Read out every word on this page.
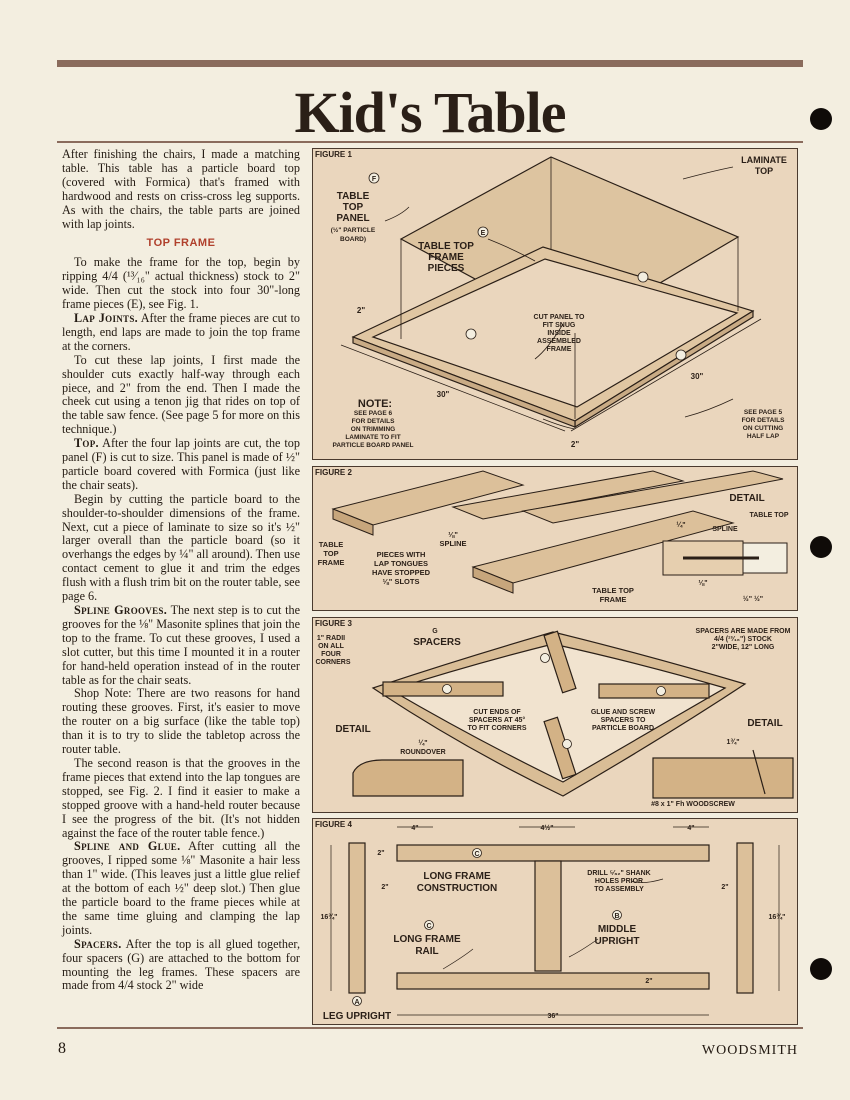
Kid's Table

After finishing the chairs, I made a matching table. This table has a particle board top (covered with Formica) that's framed with hardwood and rests on criss-cross leg supports. As with the chairs, the table parts are joined with lap joints.

TOP FRAME

To make the frame for the top, begin by ripping 4/4 (¹³⁄₁₆" actual thickness) stock to 2" wide. Then cut the stock into four 30"-long frame pieces (E), see Fig. 1.

Lap Joints. After the frame pieces are cut to length, end laps are made to join the top frame at the corners.

To cut these lap joints, I first made the shoulder cuts exactly half-way through each piece, and 2" from the end. Then I made the cheek cut using a tenon jig that rides on top of the table saw fence. (See page 5 for more on this technique.)

Top. After the four lap joints are cut, the top panel (F) is cut to size. This panel is made of ½" particle board covered with Formica (just like the chair seats).

Begin by cutting the particle board to the shoulder-to-shoulder dimensions of the frame. Next, cut a piece of laminate to size so it's ½" larger overall than the particle board (so it overhangs the edges by ¼" all around). Then use contact cement to glue it and trim the edges flush with a flush trim bit on the router table, see page 6.

Spline Grooves. The next step is to cut the grooves for the ⅛" Masonite splines that join the top to the frame. To cut these grooves, I used a slot cutter, but this time I mounted it in a router for hand-held operation instead of in the router table as for the chair seats.

Shop Note: There are two reasons for hand routing these grooves. First, it's easier to move the router on a big surface (like the table top) than it is to try to slide the tabletop across the router table.

The second reason is that the grooves in the frame pieces that extend into the lap tongues are stopped, see Fig. 2. I find it easier to make a stopped groove with a hand-held router because I see the progress of the bit. (It's not hidden against the face of the router table fence.)

Spline and Glue. After cutting all the grooves, I ripped some ⅛" Masonite a hair less than 1" wide. (This leaves just a little glue relief at the bottom of each ½" deep slot.) Then glue the particle board to the frame pieces while at the same time gluing and clamping the lap joints.

Spacers. After the top is all glued together, four spacers (G) are attached to the bottom for mounting the leg frames. These spacers are made from 4/4 stock 2" wide

FIGURE 1
LAMINATE
TOP
F
TABLE
TOP
PANEL
(½" PARTICLE
BOARD)
E
TABLE TOP
FRAME
PIECES
CUT PANEL TO
FIT SNUG
INSIDE
ASSEMBLED
FRAME
NOTE:
SEE PAGE 6
FOR DETAILS
ON TRIMMING
LAMINATE TO FIT
PARTICLE BOARD PANEL
SEE PAGE 5
FOR DETAILS
ON CUTTING
HALF LAP
2"
30"
30"
2"
FIGURE 2
TABLE
TOP
FRAME
PIECES WITH
LAP TONGUES
HAVE STOPPED
⅛" SLOTS
⅛"
SPLINE
DETAIL
TABLE TOP
SPLINE
¼"
⅛"
TABLE TOP
FRAME	½" ½"
FIGURE 3
1" RADII
ON ALL
FOUR
CORNERS
G
SPACERS
SPACERS ARE MADE FROM
4/4 (¹³⁄₁₆") STOCK
2"WIDE, 12" LONG
CUT ENDS OF
SPACERS AT 45°
TO FIT CORNERS
GLUE AND SCREW
SPACERS TO
PARTICLE BOARD
DETAIL
DETAIL
¼"
ROUNDOVER
1¾"
#8 x 1" Fh WOODSCREW
FIGURE 4	4"	4½"	4"
2"
2"	2"
2"
16¾"	16¾"
C
LONG FRAME
CONSTRUCTION
DRILL ⁵⁄₃₂" SHANK
HOLES PRIOR
TO ASSEMBLY
B
MIDDLE
UPRIGHT
C
LONG FRAME
RAIL
A
LEG UPRIGHT	36"
8	WOODSMITH
